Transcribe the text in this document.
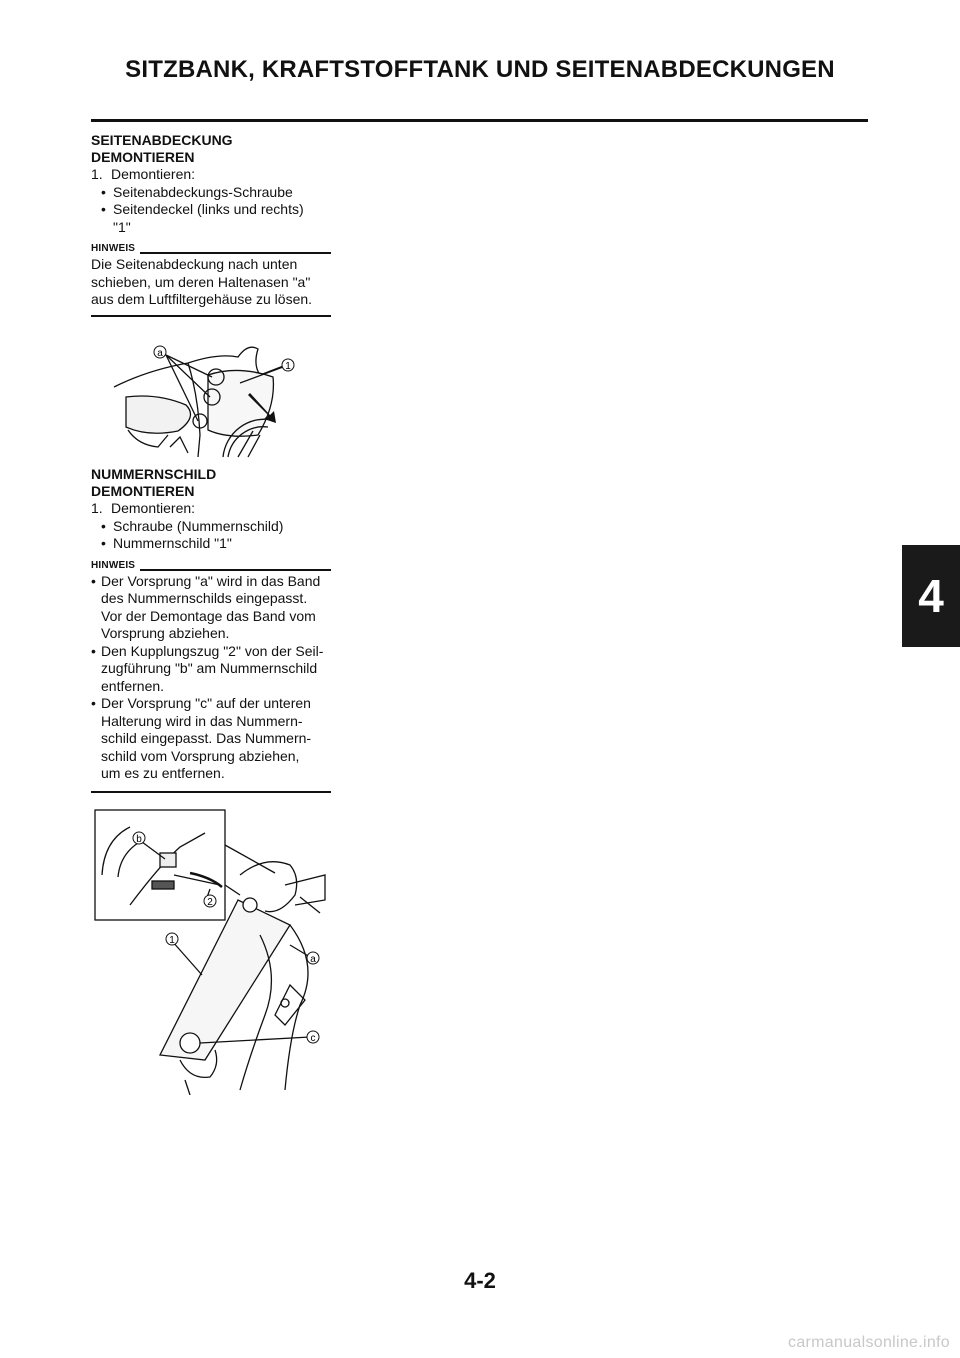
SITZBANK, KRAFTSTOFFTANK UND SEITENABDECKUNGEN
SEITENABDECKUNG
DEMONTIEREN
1. Demontieren:
• Seitenabdeckungs-Schraube
• Seitendeckel (links und rechts)
"1"
HINWEIS
Die Seitenabdeckung nach unten
schieben, um deren Haltenasen "a"
aus dem Luftfiltergehäuse zu lösen.
a
1
NUMMERNSCHILD
DEMONTIEREN
1. Demontieren:
• Schraube (Nummernschild)
• Nummernschild "1"
HINWEIS
• Der Vorsprung "a" wird in das Band
des Nummernschilds eingepasst.
Vor der Demontage das Band vom
Vorsprung abziehen.
• Den Kupplungszug "2" von der Seil-
zugführung "b" am Nummernschild
entfernen.
• Der Vorsprung "c" auf der unteren
Halterung wird in das Nummern-
schild eingepasst. Das Nummern-
schild vom Vorsprung abziehen,
um es zu entfernen.
b
2
1
a
c
4
4-2
carmanualsonline.info
